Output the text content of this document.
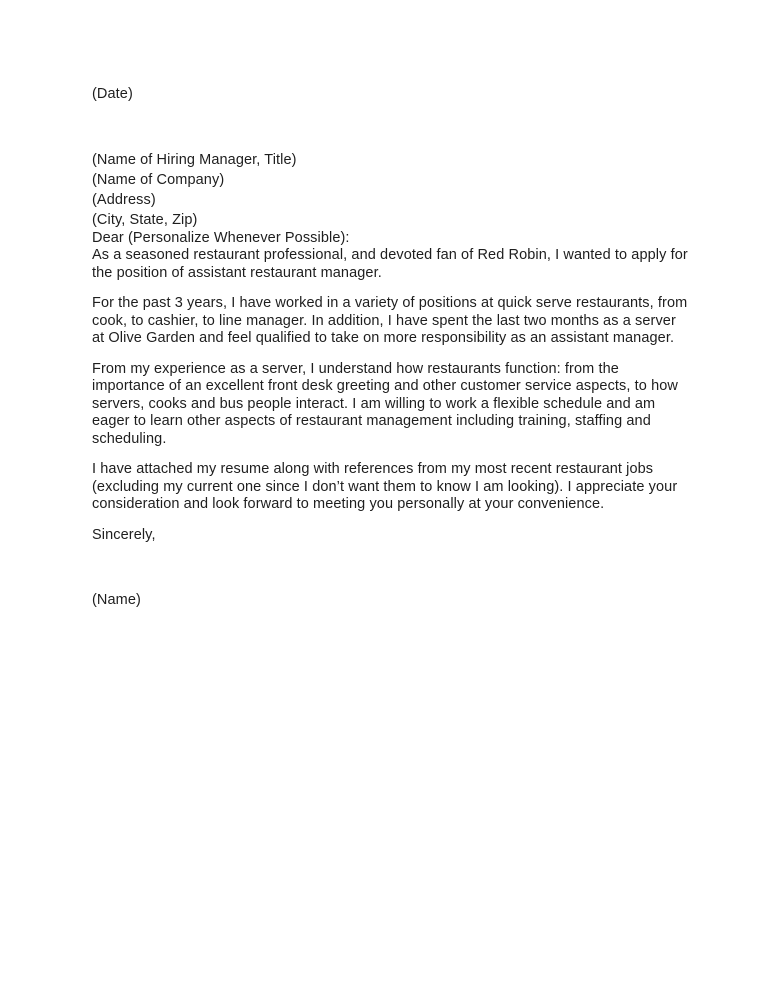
(Date)

(Name of Hiring Manager, Title)

(Name of Company)

(Address)

(City, State, Zip)

Dear (Personalize Whenever Possible):

As a seasoned restaurant professional, and devoted fan of Red Robin, I wanted to apply for the position of assistant restaurant manager.

For the past 3 years, I have worked in a variety of positions at quick serve restaurants, from cook, to cashier, to line manager. In addition, I have spent the last two months as a server at Olive Garden and feel qualified to take on more responsibility as an assistant manager.

From my experience as a server, I understand how restaurants function: from the importance of an excellent front desk greeting and other customer service aspects, to how servers, cooks and bus people interact. I am willing to work a flexible schedule and am eager to learn other aspects of restaurant management including training, staffing and scheduling.

I have attached my resume along with references from my most recent restaurant jobs (excluding my current one since I don’t want them to know I am looking). I appreciate your consideration and look forward to meeting you personally at your convenience.

Sincerely,

(Name)
